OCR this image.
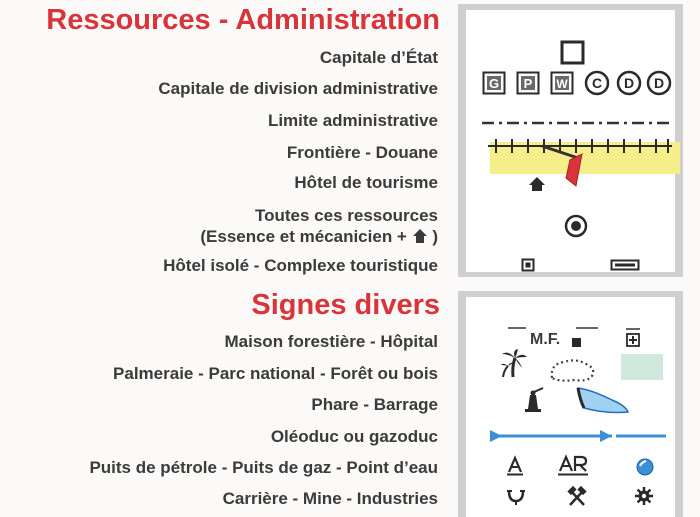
Ressources - Administration

Capitale d’État

Capitale de division administrative

Limite administrative

Frontière - Douane

Hôtel de tourisme

Toutes ces ressources
(Essence et mécanicien + )

Hôtel isolé - Complexe touristique

Signes divers

Maison forestière - Hôpital

Palmeraie - Parc national - Forêt ou bois

Phare - Barrage

Oléoduc ou gazoduc

Puits de pétrole - Puits de gaz - Point d’eau

Carrière - Mine - Industries

G P W C D D
M.F.
